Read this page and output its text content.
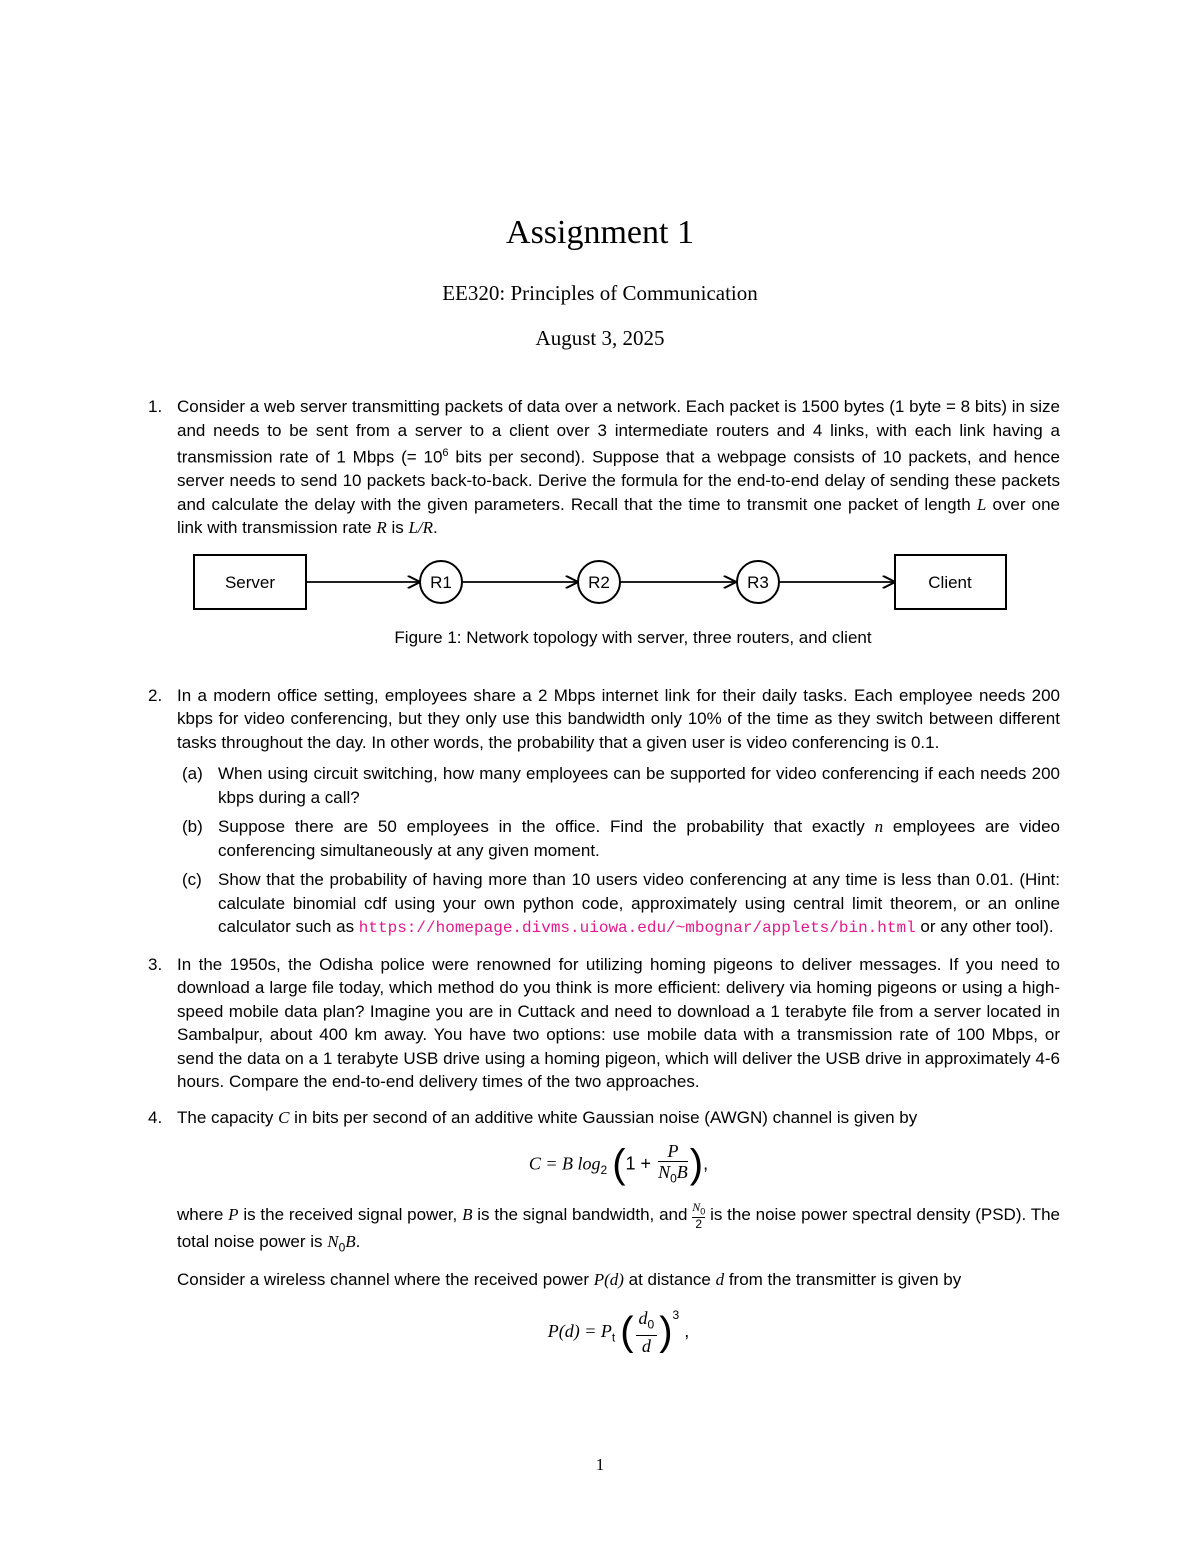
Assignment 1
EE320: Principles of Communication
August 3, 2025
1. Consider a web server transmitting packets of data over a network. Each packet is 1500 bytes (1 byte = 8 bits) in size and needs to be sent from a server to a client over 3 intermediate routers and 4 links, with each link having a transmission rate of 1 Mbps (= $10^6$ bits per second). Suppose that a webpage consists of 10 packets, and hence server needs to send 10 packets back-to-back. Derive the formula for the end-to-end delay of sending these packets and calculate the delay with the given parameters. Recall that the time to transmit one packet of length L over one link with transmission rate R is L/R.

Server	R1	R2	R3	Client
Figure 1: Network topology with server, three routers, and client
2. In a modern office setting, employees share a 2 Mbps internet link for their daily tasks. Each employee needs 200 kbps for video conferencing, but they only use this bandwidth only 10% of the time as they switch between different tasks throughout the day. In other words, the probability that a given user is video conferencing is 0.1.

(a) When using circuit switching, how many employees can be supported for video conferencing if each needs 200 kbps during a call?
(b) Suppose there are 50 employees in the office. Find the probability that exactly n employees are video conferencing simultaneously at any given moment.
(c) Show that the probability of having more than 10 users video conferencing at any time is less than 0.01. (Hint: calculate binomial cdf using your own python code, approximately using central limit theorem, or an online calculator such as https://homepage.divms.uiowa.edu/~mbognar/applets/bin.html or any other tool).
3. In the 1950s, the Odisha police were renowned for utilizing homing pigeons to deliver messages. If you need to download a large file today, which method do you think is more efficient: delivery via homing pigeons or using a high-speed mobile data plan? Imagine you are in Cuttack and need to download a 1 terabyte file from a server located in Sambalpur, about 400 km away. You have two options: use mobile data with a transmission rate of 100 Mbps, or send the data on a 1 terabyte USB drive using a homing pigeon, which will deliver the USB drive in approximately 4-6 hours. Compare the end-to-end delivery times of the two approaches.

4. The capacity C in bits per second of an additive white Gaussian noise (AWGN) channel is given by

C = B $\log_2 (1 + \frac{P}{N_0B}$ ),

where P is the received signal power, B is the signal bandwidth, and $\frac{N_0}{2}$ is the noise power spectral density (PSD). The total noise power is $N_0B$.

Consider a wireless channel where the received power P(d) at distance d from the transmitter is given by

$P(d) = P_t$ ( $\frac{d_0}{d} )^3$ ,
1
